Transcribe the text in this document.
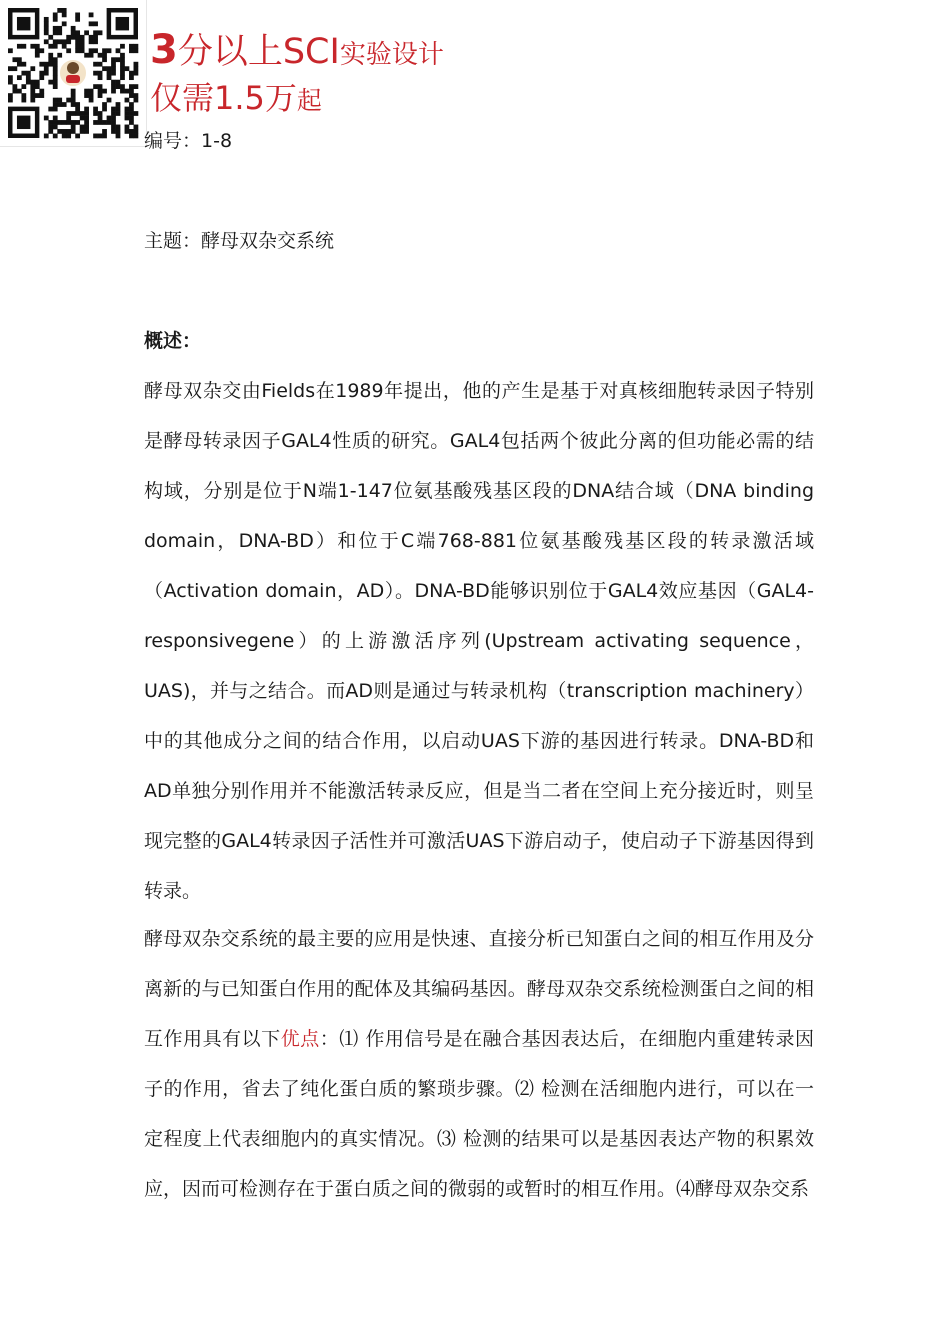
3分以上SCI实验设计
仅需1.5万起
编号：1-8
主题：酵母双杂交系统
概述：
酵母双杂交由Fields在1989年提出，他的产生是基于对真核细胞转录因子特别是酵母转录因子GAL4性质的研究。GAL4包括两个彼此分离的但功能必需的结构域，分别是位于N端1-147位氨基酸残基区段的DNA结合域（DNA binding domain，DNA-BD）和位于C端768-881位氨基酸残基区段的转录激活域（Activation domain，AD）。DNA-BD能够识别位于GAL4效应基因（GAL4-responsivegene）的上游激活序列(Upstream activating sequence，UAS)，并与之结合。而AD则是通过与转录机构（transcription machinery）中的其他成分之间的结合作用，以启动UAS下游的基因进行转录。DNA-BD和AD单独分别作用并不能激活转录反应，但是当二者在空间上充分接近时，则呈现完整的GAL4转录因子活性并可激活UAS下游启动子，使启动子下游基因得到转录。
酵母双杂交系统的最主要的应用是快速、直接分析已知蛋白之间的相互作用及分离新的与已知蛋白作用的配体及其编码基因。酵母双杂交系统检测蛋白之间的相互作用具有以下优点：⑴ 作用信号是在融合基因表达后，在细胞内重建转录因子的作用，省去了纯化蛋白质的繁琐步骤。⑵ 检测在活细胞内进行，可以在一定程度上代表细胞内的真实情况。⑶ 检测的结果可以是基因表达产物的积累效应，因而可检测存在于蛋白质之间的微弱的或暂时的相互作用。⑷酵母双杂交系
